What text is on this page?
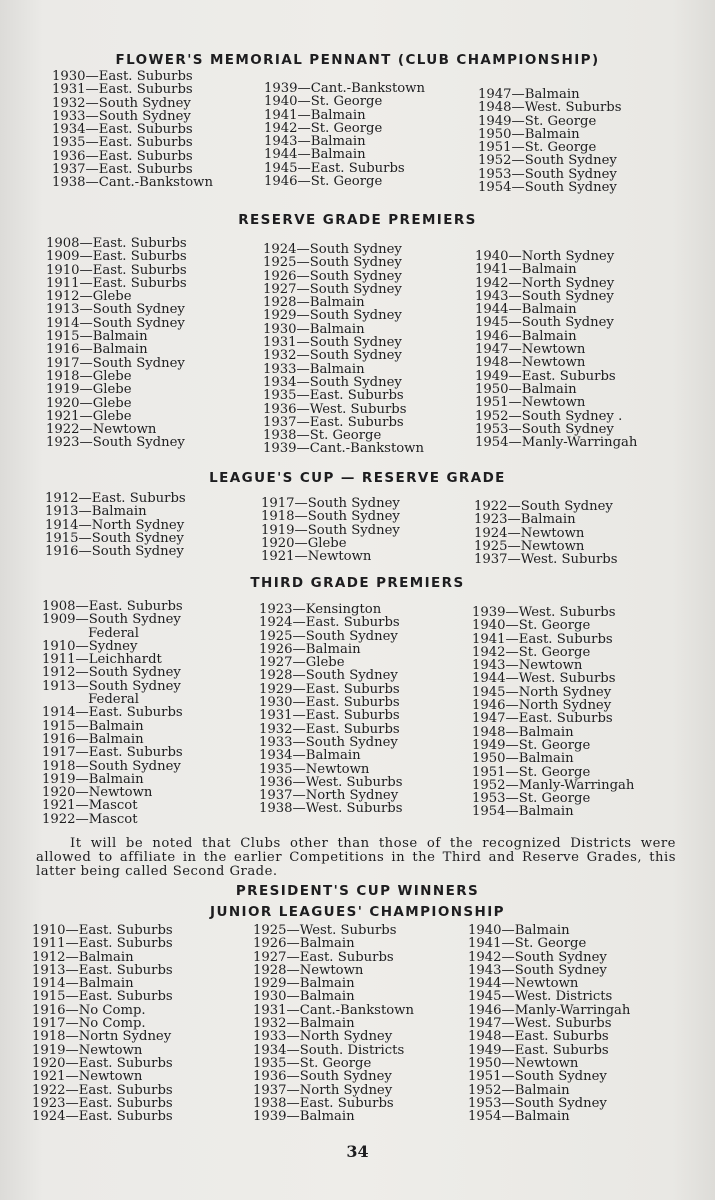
FLOWER'S MEMORIAL PENNANT (CLUB CHAMPIONSHIP)
1930—East. Suburbs
1931—East. Suburbs
1932—South Sydney
1933—South Sydney
1934—East. Suburbs
1935—East. Suburbs
1936—East. Suburbs
1937—East. Suburbs
1938—Cant.-Bankstown
1939—Cant.-Bankstown
1940—St. George
1941—Balmain
1942—St. George
1943—Balmain
1944—Balmain
1945—East. Suburbs
1946—St. George
1947—Balmain
1948—West. Suburbs
1949—St. George
1950—Balmain
1951—St. George
1952—South Sydney
1953—South Sydney
1954—South Sydney
RESERVE GRADE PREMIERS
1908—East. Suburbs
1909—East. Suburbs
1910—East. Suburbs
1911—East. Suburbs
1912—Glebe
1913—South Sydney
1914—South Sydney
1915—Balmain
1916—Balmain
1917—South Sydney
1918—Glebe
1919—Glebe
1920—Glebe
1921—Glebe
1922—Newtown
1923—South Sydney
1924—South Sydney
1925—South Sydney
1926—South Sydney
1927—South Sydney
1928—Balmain
1929—South Sydney
1930—Balmain
1931—South Sydney
1932—South Sydney
1933—Balmain
1934—South Sydney
1935—East. Suburbs
1936—West. Suburbs
1937—East. Suburbs
1938—St. George
1939—Cant.-Bankstown
1940—North Sydney
1941—Balmain
1942—North Sydney
1943—South Sydney
1944—Balmain
1945—South Sydney
1946—Balmain
1947—Newtown
1948—Newtown
1949—East. Suburbs
1950—Balmain
1951—Newtown
1952—South Sydney .
1953—South Sydney
1954—Manly-Warringah
LEAGUE'S CUP — RESERVE GRADE
1912—East. Suburbs
1913—Balmain
1914—North Sydney
1915—South Sydney
1916—South Sydney
1917—South Sydney
1918—South Sydney
1919—South Sydney
1920—Glebe
1921—Newtown
1922—South Sydney
1923—Balmain
1924—Newtown
1925—Newtown
1937—West. Suburbs
THIRD GRADE PREMIERS
1908—East. Suburbs
1909—South Sydney
Federal
1910—Sydney
1911—Leichhardt
1912—South Sydney
1913—South Sydney
Federal
1914—East. Suburbs
1915—Balmain
1916—Balmain
1917—East. Suburbs
1918—South Sydney
1919—Balmain
1920—Newtown
1921—Mascot
1922—Mascot
1923—Kensington
1924—East. Suburbs
1925—South Sydney
1926—Balmain
1927—Glebe
1928—South Sydney
1929—East. Suburbs
1930—East. Suburbs
1931—East. Suburbs
1932—East. Suburbs
1933—South Sydney
1934—Balmain
1935—Newtown
1936—West. Suburbs
1937—North Sydney
1938—West. Suburbs
1939—West. Suburbs
1940—St. George
1941—East. Suburbs
1942—St. George
1943—Newtown
1944—West. Suburbs
1945—North Sydney
1946—North Sydney
1947—East. Suburbs
1948—Balmain
1949—St. George
1950—Balmain
1951—St. George
1952—Manly-Warringah
1953—St. George
1954—Balmain
It will be noted that Clubs other than those of the recognized Districts were allowed to affiliate in the earlier Competitions in the Third and Reserve Grades, this latter being called Second Grade.
PRESIDENT'S CUP WINNERS
JUNIOR LEAGUES' CHAMPIONSHIP
1910—East. Suburbs
1911—East. Suburbs
1912—Balmain
1913—East. Suburbs
1914—Balmain
1915—East. Suburbs
1916—No Comp.
1917—No Comp.
1918—Nortn Sydney
1919—Newtown
1920—East. Suburbs
1921—Newtown
1922—East. Suburbs
1923—East. Suburbs
1924—East. Suburbs
1925—West. Suburbs
1926—Balmain
1927—East. Suburbs
1928—Newtown
1929—Balmain
1930—Balmain
1931—Cant.-Bankstown
1932—Balmain
1933—North Sydney
1934—South. Districts
1935—St. George
1936—South Sydney
1937—North Sydney
1938—East. Suburbs
1939—Balmain
1940—Balmain
1941—St. George
1942—South Sydney
1943—South Sydney
1944—Newtown
1945—West. Districts
1946—Manly-Warringah
1947—West. Suburbs
1948—East. Suburbs
1949—East. Suburbs
1950—Newtown
1951—South Sydney
1952—Balmain
1953—South Sydney
1954—Balmain
34
